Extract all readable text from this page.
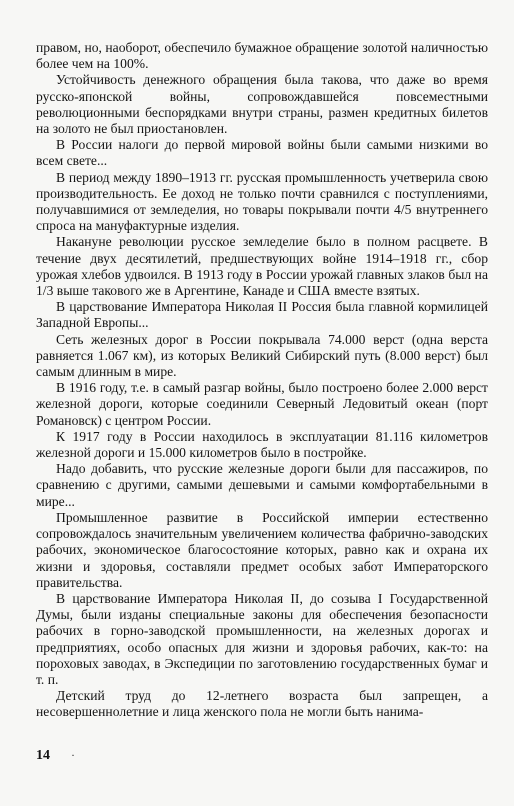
правом, но, наоборот, обеспечило бумажное обращение золотой наличностью более чем на 100%.

Устойчивость денежного обращения была такова, что даже во время русско-японской войны, сопровождавшейся повсеместными революционными беспорядками внутри страны, размен кредитных билетов на золото не был приостановлен.

В России налоги до первой мировой войны были самыми низкими во всем свете...

В период между 1890–1913 гг. русская промышленность учетверила свою производительность. Ее доход не только почти сравнился с поступлениями, получавшимися от земледелия, но товары покрывали почти 4/5 внутреннего спроса на мануфактурные изделия.

Накануне революции русское земледелие было в полном расцвете. В течение двух десятилетий, предшествующих войне 1914–1918 гг., сбор урожая хлебов удвоился. В 1913 году в России урожай главных злаков был на 1/3 выше такового же в Аргентине, Канаде и США вместе взятых.

В царствование Императора Николая II Россия была главной кормилицей Западной Европы...

Сеть железных дорог в России покрывала 74.000 верст (одна верста равняется 1.067 км), из которых Великий Сибирский путь (8.000 верст) был самым длинным в мире.

В 1916 году, т.е. в самый разгар войны, было построено более 2.000 верст железной дороги, которые соединили Северный Ледовитый океан (порт Романовск) с центром России.

К 1917 году в России находилось в эксплуатации 81.116 километров железной дороги и 15.000 километров было в постройке.

Надо добавить, что русские железные дороги были для пассажиров, по сравнению с другими, самыми дешевыми и самыми комфортабельными в мире...

Промышленное развитие в Российской империи естественно сопровождалось значительным увеличением количества фабрично-заводских рабочих, экономическое благосостояние которых, равно как и охрана их жизни и здоровья, составляли предмет особых забот Императорского правительства.

В царствование Императора Николая II, до созыва I Государственной Думы, были изданы специальные законы для обеспечения безопасности рабочих в горно-заводской промышленности, на железных дорогах и предприятиях, особо опасных для жизни и здоровья рабочих, как-то: на пороховых заводах, в Экспедиции по заготовлению государственных бумаг и т. п.

Детский труд до 12-летнего возраста был запрещен, а несовершеннолетние и лица женского пола не могли быть нанима-

14 ·
